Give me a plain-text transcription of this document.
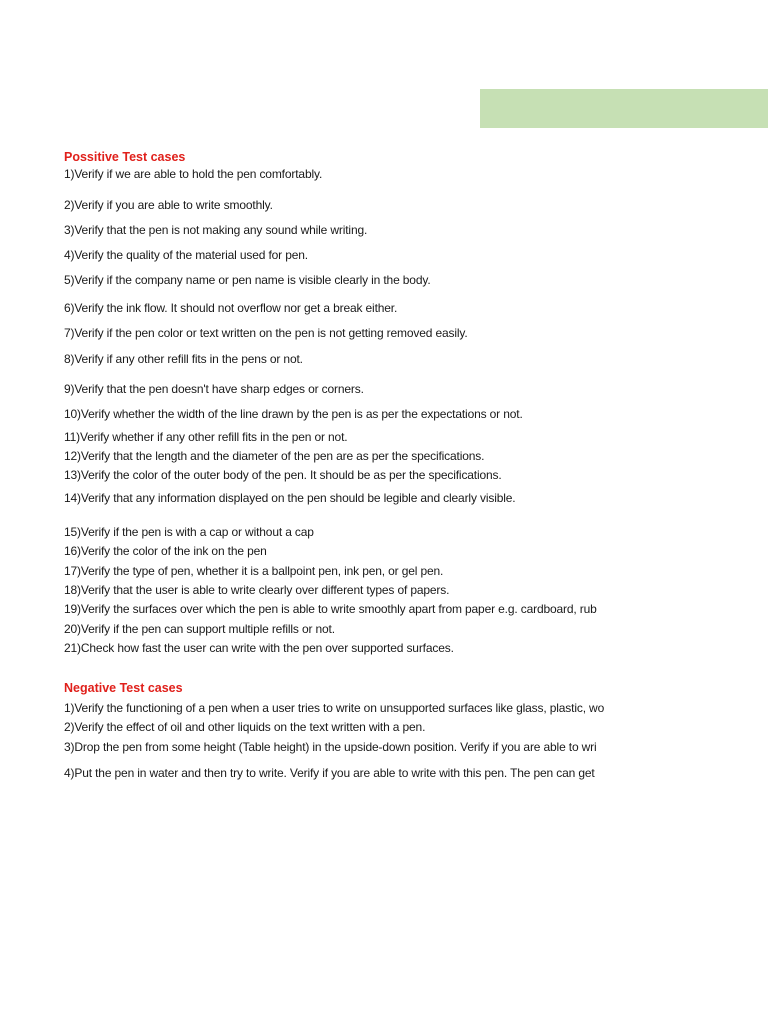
Possitive Test cases
1)Verify if we are able to hold the pen comfortably.
2)Verify if you are able to write smoothly.
3)Verify that the pen is not making any sound while writing.
4)Verify the quality of the material used for pen.
5)Verify if the company name or pen name is visible clearly in the body.
6)Verify the ink flow. It should not overflow nor get a break either.
7)Verify if the pen color or text written on the pen is not getting removed easily.
8)Verify if any other refill fits in the pens or not.
9)Verify that the pen doesn't have sharp edges or corners.
10)Verify whether the width of the line drawn by the pen is as per the expectations or not.
11)Verify whether if any other refill fits in the pen or not.
12)Verify that the length and the diameter of the pen are as per the specifications.
13)Verify the color of the outer body of the pen. It should be as per the specifications.
14)Verify that any information displayed on the pen should be legible and clearly visible.
15)Verify if the pen is with a cap or without a cap
16)Verify the color of the ink on the pen
17)Verify the type of pen, whether it is a ballpoint pen, ink pen, or gel pen.
18)Verify that the user is able to write clearly over different types of papers.
19)Verify the surfaces over which the pen is able to write smoothly apart from paper e.g. cardboard, rub
20)Verify if the pen can support multiple refills or not.
21)Check how fast the user can write with the pen over supported surfaces.
Negative Test cases
1)Verify the functioning of a pen when a user tries to write on unsupported surfaces like glass, plastic, wo
2)Verify the effect of oil and other liquids on the text written with a pen.
3)Drop the pen from some height (Table height) in the upside-down position. Verify if you are able to wri
4)Put the pen in water and then try to write. Verify if you are able to write with this pen. The pen can get
